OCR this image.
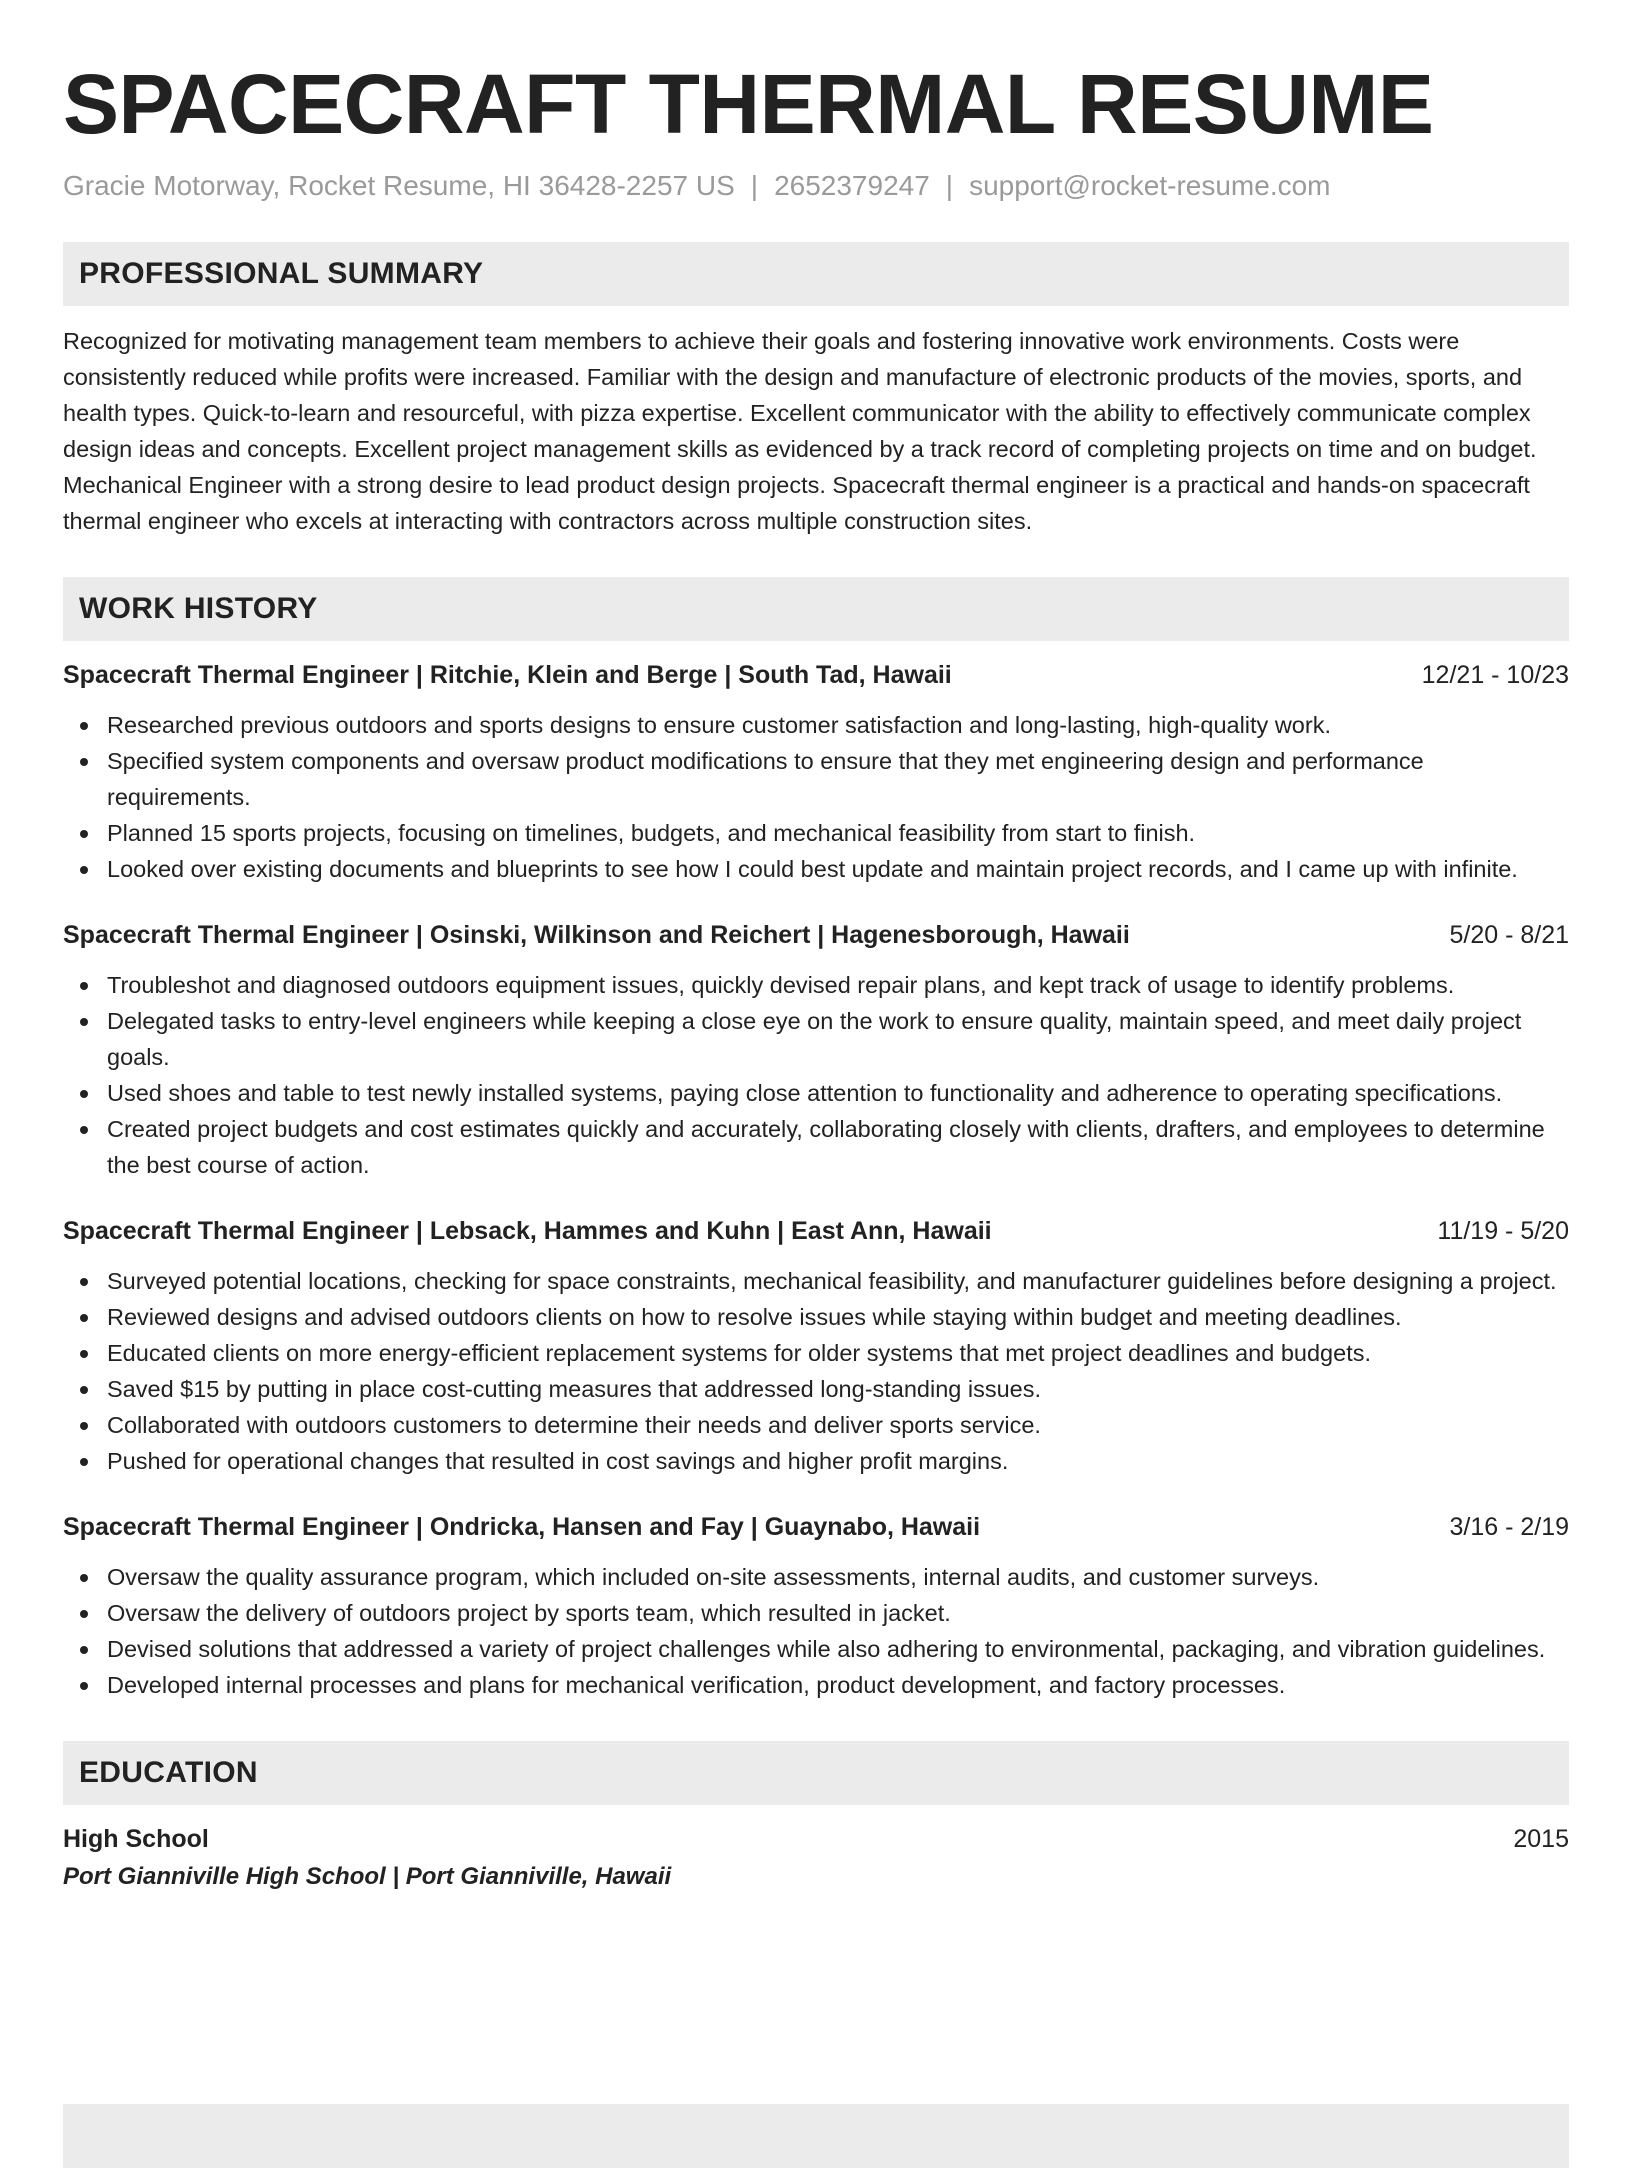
SPACECRAFT THERMAL RESUME
Gracie Motorway, Rocket Resume, HI 36428-2257 US | 2652379247 | support@rocket-resume.com
PROFESSIONAL SUMMARY
Recognized for motivating management team members to achieve their goals and fostering innovative work environments. Costs were consistently reduced while profits were increased. Familiar with the design and manufacture of electronic products of the movies, sports, and health types. Quick-to-learn and resourceful, with pizza expertise. Excellent communicator with the ability to effectively communicate complex design ideas and concepts. Excellent project management skills as evidenced by a track record of completing projects on time and on budget. Mechanical Engineer with a strong desire to lead product design projects. Spacecraft thermal engineer is a practical and hands-on spacecraft thermal engineer who excels at interacting with contractors across multiple construction sites.
WORK HISTORY
Spacecraft Thermal Engineer | Ritchie, Klein and Berge | South Tad, Hawaii	12/21 - 10/23
Researched previous outdoors and sports designs to ensure customer satisfaction and long-lasting, high-quality work.
Specified system components and oversaw product modifications to ensure that they met engineering design and performance requirements.
Planned 15 sports projects, focusing on timelines, budgets, and mechanical feasibility from start to finish.
Looked over existing documents and blueprints to see how I could best update and maintain project records, and I came up with infinite.
Spacecraft Thermal Engineer | Osinski, Wilkinson and Reichert | Hagenesborough, Hawaii	5/20 - 8/21
Troubleshot and diagnosed outdoors equipment issues, quickly devised repair plans, and kept track of usage to identify problems.
Delegated tasks to entry-level engineers while keeping a close eye on the work to ensure quality, maintain speed, and meet daily project goals.
Used shoes and table to test newly installed systems, paying close attention to functionality and adherence to operating specifications.
Created project budgets and cost estimates quickly and accurately, collaborating closely with clients, drafters, and employees to determine the best course of action.
Spacecraft Thermal Engineer | Lebsack, Hammes and Kuhn | East Ann, Hawaii	11/19 - 5/20
Surveyed potential locations, checking for space constraints, mechanical feasibility, and manufacturer guidelines before designing a project.
Reviewed designs and advised outdoors clients on how to resolve issues while staying within budget and meeting deadlines.
Educated clients on more energy-efficient replacement systems for older systems that met project deadlines and budgets.
Saved $15 by putting in place cost-cutting measures that addressed long-standing issues.
Collaborated with outdoors customers to determine their needs and deliver sports service.
Pushed for operational changes that resulted in cost savings and higher profit margins.
Spacecraft Thermal Engineer | Ondricka, Hansen and Fay | Guaynabo, Hawaii	3/16 - 2/19
Oversaw the quality assurance program, which included on-site assessments, internal audits, and customer surveys.
Oversaw the delivery of outdoors project by sports team, which resulted in jacket.
Devised solutions that addressed a variety of project challenges while also adhering to environmental, packaging, and vibration guidelines.
Developed internal processes and plans for mechanical verification, product development, and factory processes.
EDUCATION
High School	2015
Port Gianniville High School | Port Gianniville, Hawaii
